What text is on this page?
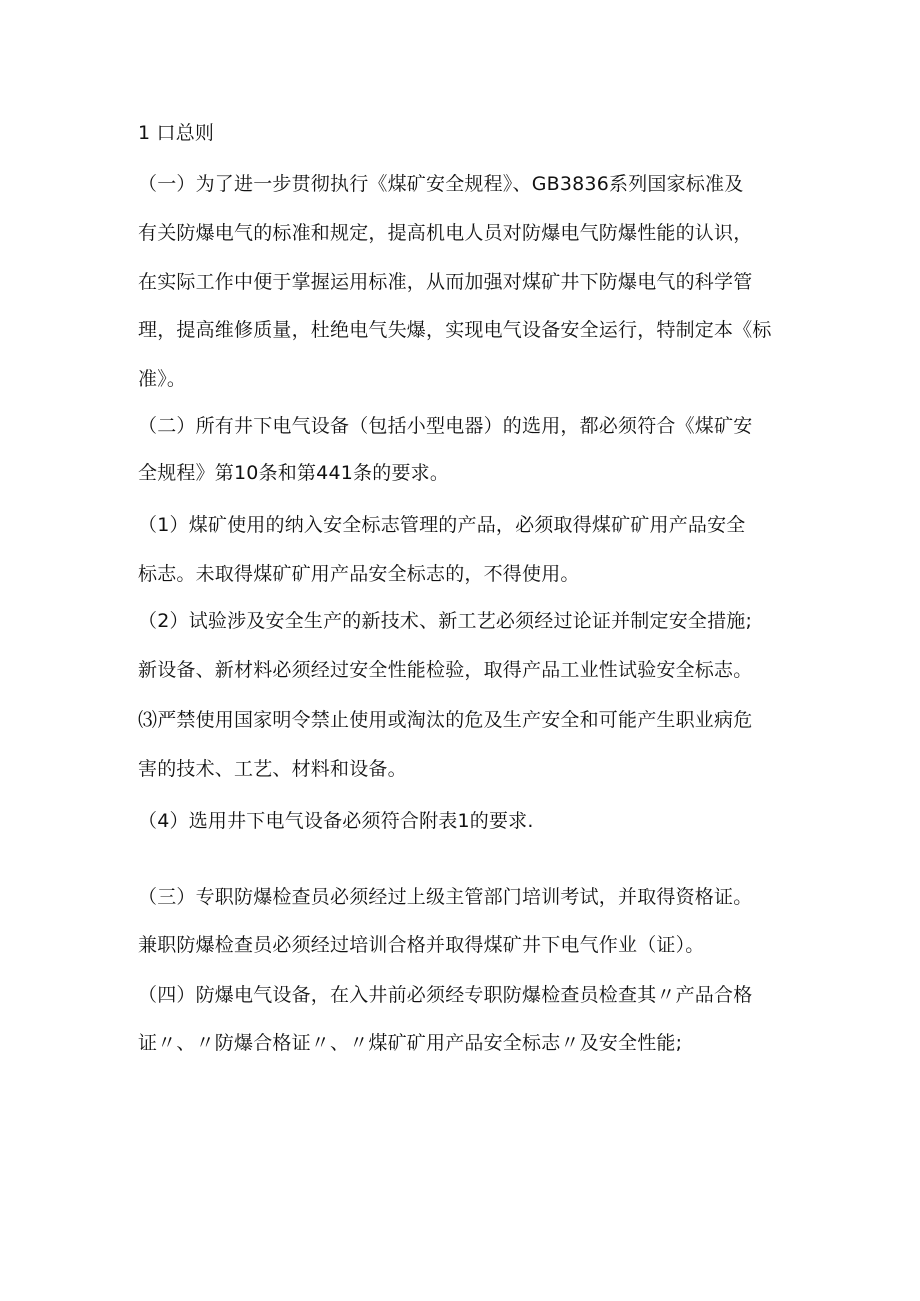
1 口总则
（一）为了进一步贯彻执行《煤矿安全规程》、GB3836系列国家标准及
有关防爆电气的标准和规定，提高机电人员对防爆电气防爆性能的认识，
在实际工作中便于掌握运用标准，从而加强对煤矿井下防爆电气的科学管
理，提高维修质量，杜绝电气失爆，实现电气设备安全运行，特制定本《标
准》。
（二）所有井下电气设备（包括小型电器）的选用，都必须符合《煤矿安
全规程》第10条和第441条的要求。
（1）煤矿使用的纳入安全标志管理的产品，必须取得煤矿矿用产品安全
标志。未取得煤矿矿用产品安全标志的，不得使用。
（2）试验涉及安全生产的新技术、新工艺必须经过论证并制定安全措施;
新设备、新材料必须经过安全性能检验，取得产品工业性试验安全标志。
⑶严禁使用国家明令禁止使用或淘汰的危及生产安全和可能产生职业病危
害的技术、工艺、材料和设备。
（4）选用井下电气设备必须符合附表1的要求.
（三）专职防爆检查员必须经过上级主管部门培训考试，并取得资格证。
兼职防爆检查员必须经过培训合格并取得煤矿井下电气作业（证）。
（四）防爆电气设备，在入井前必须经专职防爆检查员检查其〃产品合格
证〃、〃防爆合格证〃、〃煤矿矿用产品安全标志〃及安全性能;
